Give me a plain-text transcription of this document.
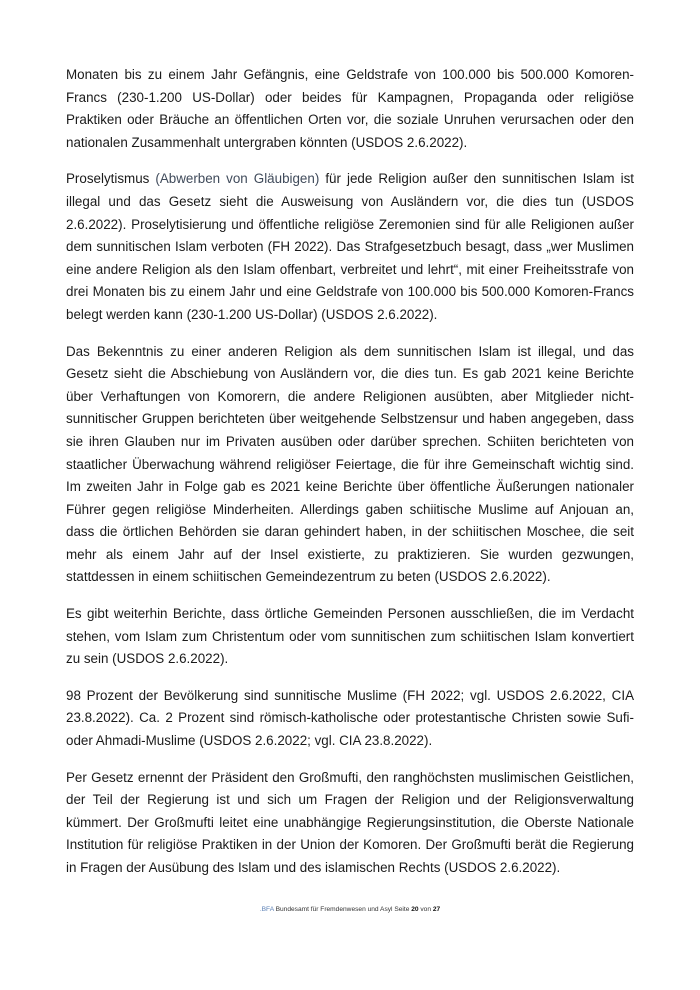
Monaten bis zu einem Jahr Gefängnis, eine Geldstrafe von 100.000 bis 500.000 Komoren-Francs (230-1.200 US-Dollar) oder beides für Kampagnen, Propaganda oder religiöse Praktiken oder Bräuche an öffentlichen Orten vor, die soziale Unruhen verursachen oder den nationalen Zusammenhalt untergraben könnten (USDOS 2.6.2022).

Proselytismus (Abwerben von Gläubigen) für jede Religion außer den sunnitischen Islam ist illegal und das Gesetz sieht die Ausweisung von Ausländern vor, die dies tun (USDOS 2.6.2022). Proselytisierung und öffentliche religiöse Zeremonien sind für alle Religionen außer dem sunnitischen Islam verboten (FH 2022). Das Strafgesetzbuch besagt, dass „wer Muslimen eine andere Religion als den Islam offenbart, verbreitet und lehrt“, mit einer Freiheitsstrafe von drei Monaten bis zu einem Jahr und eine Geldstrafe von 100.000 bis 500.000 Komoren-Francs belegt werden kann (230-1.200 US-Dollar) (USDOS 2.6.2022).

Das Bekenntnis zu einer anderen Religion als dem sunnitischen Islam ist illegal, und das Gesetz sieht die Abschiebung von Ausländern vor, die dies tun. Es gab 2021 keine Berichte über Verhaftungen von Komorern, die andere Religionen ausübten, aber Mitglieder nicht-sunnitischer Gruppen berichteten über weitgehende Selbstzensur und haben angegeben, dass sie ihren Glauben nur im Privaten ausüben oder darüber sprechen. Schiiten berichteten von staatlicher Überwachung während religiöser Feiertage, die für ihre Gemeinschaft wichtig sind. Im zweiten Jahr in Folge gab es 2021 keine Berichte über öffentliche Äußerungen nationaler Führer gegen religiöse Minderheiten. Allerdings gaben schiitische Muslime auf Anjouan an, dass die örtlichen Behörden sie daran gehindert haben, in der schiitischen Moschee, die seit mehr als einem Jahr auf der Insel existierte, zu praktizieren. Sie wurden gezwungen, stattdessen in einem schiitischen Gemeindezentrum zu beten (USDOS 2.6.2022).

Es gibt weiterhin Berichte, dass örtliche Gemeinden Personen ausschließen, die im Verdacht stehen, vom Islam zum Christentum oder vom sunnitischen zum schiitischen Islam konvertiert zu sein (USDOS 2.6.2022).

98 Prozent der Bevölkerung sind sunnitische Muslime (FH 2022; vgl. USDOS 2.6.2022, CIA 23.8.2022). Ca. 2 Prozent sind römisch-katholische oder protestantische Christen sowie Sufi- oder Ahmadi-Muslime (USDOS 2.6.2022; vgl. CIA 23.8.2022).

Per Gesetz ernennt der Präsident den Großmufti, den ranghöchsten muslimischen Geistlichen, der Teil der Regierung ist und sich um Fragen der Religion und der Religionsverwaltung kümmert. Der Großmufti leitet eine unabhängige Regierungsinstitution, die Oberste Nationale Institution für religiöse Praktiken in der Union der Komoren. Der Großmufti berät die Regierung in Fragen der Ausübung des Islam und des islamischen Rechts (USDOS 2.6.2022).

.BFA Bundesamt für Fremdenwesen und Asyl Seite 20 von 27
